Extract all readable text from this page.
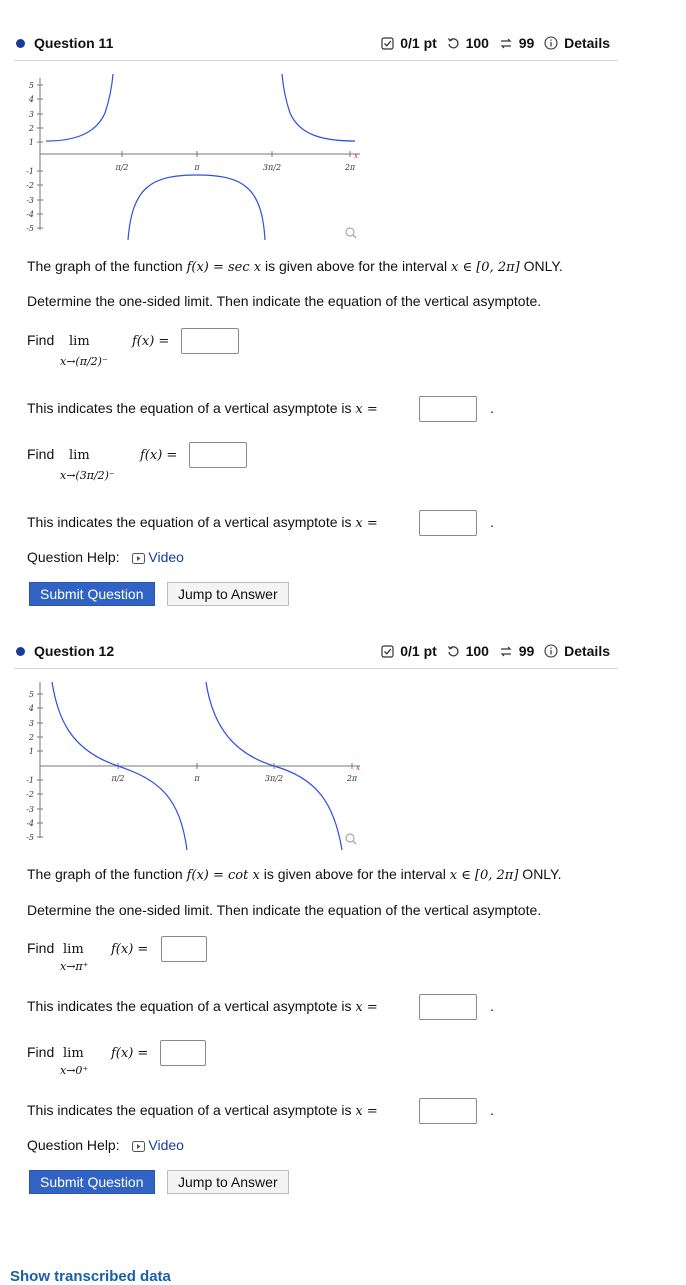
Question 11	0/1 pt 100 99 Details
5
4
3
2
1
-1
-2
-3
-4
-5
π/2	π	3π/2	2π
x
The graph of the function f(x) = sec x is given above for the interval x ∈ [0, 2π] ONLY.
Determine the one-sided limit. Then indicate the equation of the vertical asymptote.
Find lim
x→(π/2)⁻
f(x) =
This indicates the equation of a vertical asymptote is x =	.
Find lim
x→(3π/2)⁻
f(x) =
This indicates the equation of a vertical asymptote is x =	.
Question Help: Video
Submit Question	Jump to Answer
Question 12	0/1 pt 100 99 Details
5
4
3
2
1
-1
-2
-3
-4
-5
π/2	π	3π/2	2π
x
The graph of the function f(x) = cot x is given above for the interval x ∈ [0, 2π] ONLY.
Determine the one-sided limit. Then indicate the equation of the vertical asymptote.
Find lim
x→π⁺
f(x) =
This indicates the equation of a vertical asymptote is x =	.
Find lim
x→0⁺
f(x) =
This indicates the equation of a vertical asymptote is x =	.
Question Help: Video
Submit Question	Jump to Answer
Show transcribed data
